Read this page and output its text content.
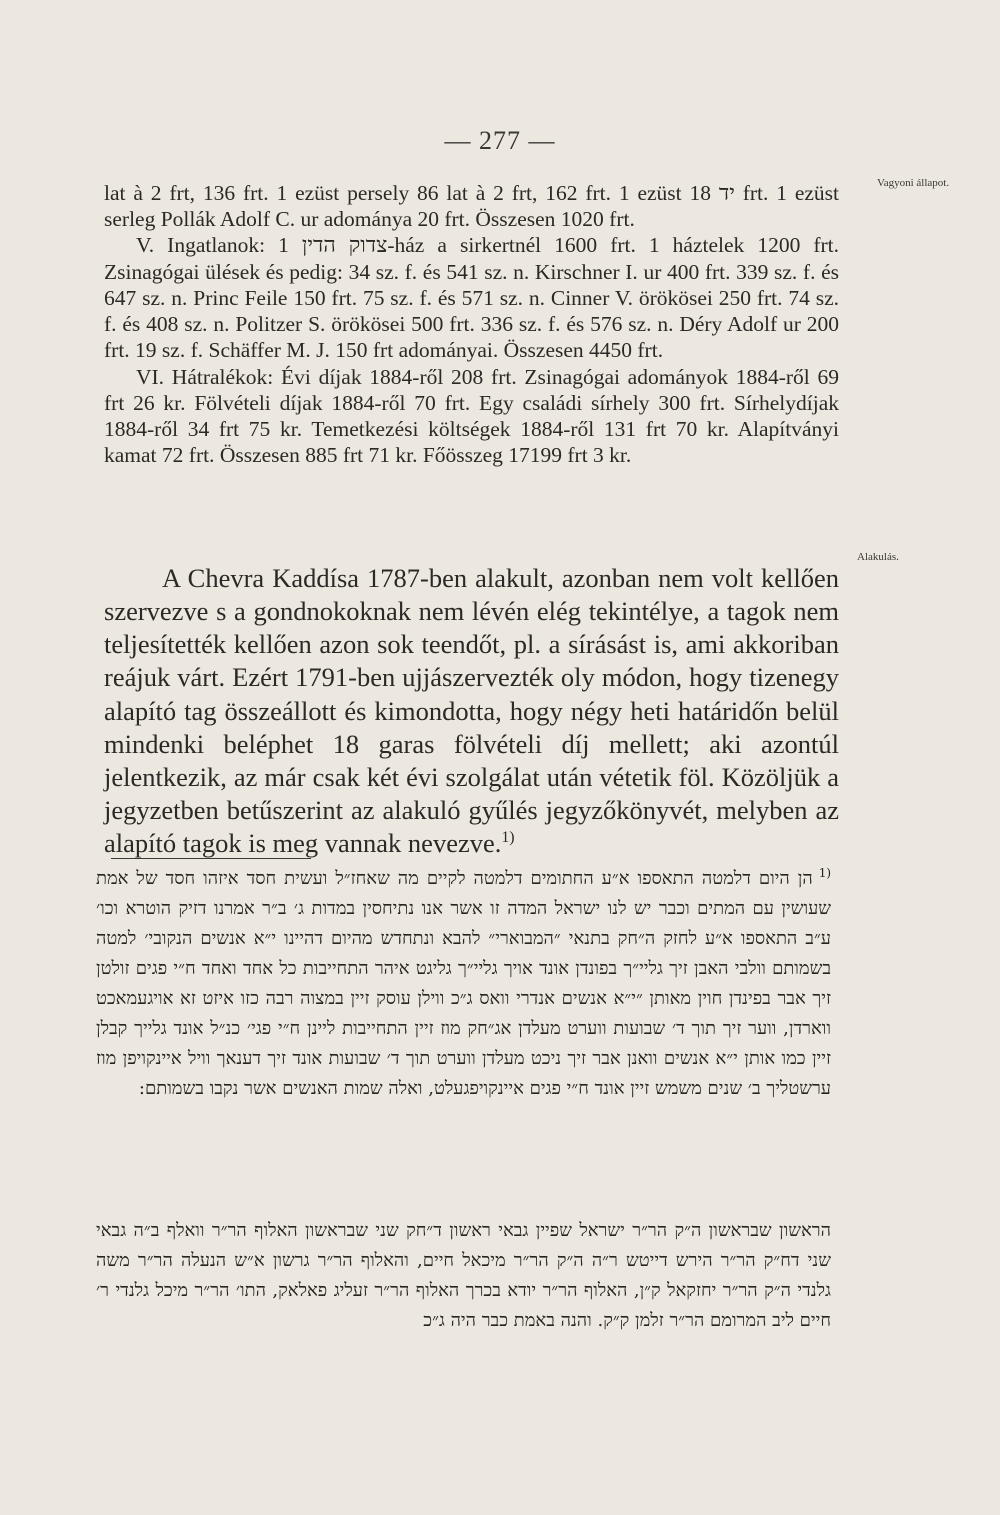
— 277 —
Vagyoni állapot.
Alakulás.

lat à 2 frt, 136 frt. 1 ezüst persely 86 lat à 2 frt, 162 frt. 1 ezüst יד 18 frt. 1 ezüst serleg Pollák Adolf C. ur adománya 20 frt. Összesen 1020 frt.

V. Ingatlanok: 1 צדוק הדין-ház a sirkertnél 1600 frt. 1 háztelek 1200 frt. Zsinagógai ülések és pedig: 34 sz. f. és 541 sz. n. Kirschner I. ur 400 frt. 339 sz. f. és 647 sz. n. Princ Feile 150 frt. 75 sz. f. és 571 sz. n. Cinner V. örökösei 250 frt. 74 sz. f. és 408 sz. n. Politzer S. örökösei 500 frt. 336 sz. f. és 576 sz. n. Déry Adolf ur 200 frt. 19 sz. f. Schäffer M. J. 150 frt adományai. Összesen 4450 frt.

VI. Hátralékok: Évi díjak 1884-ről 208 frt. Zsinagógai adományok 1884-ről 69 frt 26 kr. Fölvételi díjak 1884-ről 70 frt. Egy családi sírhely 300 frt. Sírhelydíjak 1884-ről 34 frt 75 kr. Temetkezési költségek 1884-ről 131 frt 70 kr. Alapítványi kamat 72 frt. Összesen 885 frt 71 kr. Főösszeg 17199 frt 3 kr.

A Chevra Kaddísa 1787-ben alakult, azonban nem volt kellően szervezve s a gondnokoknak nem lévén elég tekintélye, a tagok nem teljesítették kellően azon sok teendőt, pl. a sírásást is, ami akkoriban reájuk várt. Ezért 1791-ben ujjászervezték oly módon, hogy tizenegy alapító tag összeállott és kimondotta, hogy négy heti határidőn belül mindenki beléphet 18 garas fölvételi díj mellett; aki azontúl jelentkezik, az már csak két évi szolgálat után vétetik föl. Közöljük a jegyzetben betűszerint az alakuló gyűlés jegyzőkönyvét, melyben az alapító tagok is meg vannak nevezve.$^{1)}$

$^{(1}$הן היום דלמטה התאספו א״ע החתומים דלמטה לקיים מה שאחז״ל ועשית חסד איזהו חסד של אמת שעושין עם המתים וכבר יש לנו ישראל המדה זו אשר אנו נתיחסין במדות ג׳ ב״ר אמרנו דזיק הוטרא וכו׳ ע״ב התאספו א״ע לחזק ה״חק בתנאי ״המבוארי״ להבא ונתחדש מהיום דהיינו י״א אנשים הנקובי׳ למטה בשמותם וולבי האבן זיך גליי״ך בפונדן אונד אויך גליי״ך גליגט איהר התחייבות כל אחד ואחד ח״י פגים זולטן זיך אבר בפינדן חוין מאותן ״י״א אנשים אנדרי וואס ג״כ ווילן עוסק זיין במצוה רבה כזו איזט זא אויגעמאכט ווארדן, ווער זיך תוך ד׳ שבועות ווערט מעלדן אג״חק מוז זיין התחייבות ליינן ח״י פגי׳ כנ״ל אונד גלייך קבלן זיין כמו אותן י״א אנשים וואנן אבר זיך ניכט מעלדן ווערט תוך ד׳ שבועות אונד זיך דענאך וויל איינקויפן מוז ערשטליך ב׳ שנים משמש זיין אונד ח״י פגים איינקויפגעלט, ואלה שמות האנשים אשר נקבו בשמותם:

הראשון שבראשון ה״ק הר״ר ישראל שפיין גבאי ראשון ד״חק שני שבראשון האלוף הר״ר וואלף ב״ה גבאי שני דח״ק הר״ר הירש דייטש ר״ה ה״ק הר״ר מיכאל חיים, והאלוף הר״ר גרשון א״ש הנעלה הר״ר משה גלנדי ה״ק הר״ר יחזקאל ק״ן, האלוף הר״ר יודא בכרך האלוף הר״ר זעליג פאלאק, התו׳ הר״ר מיכל גלנדי ר׳ חיים ליב המרומם הר״ר זלמן ק״ק. והנה באמת כבר היה ג״כ
